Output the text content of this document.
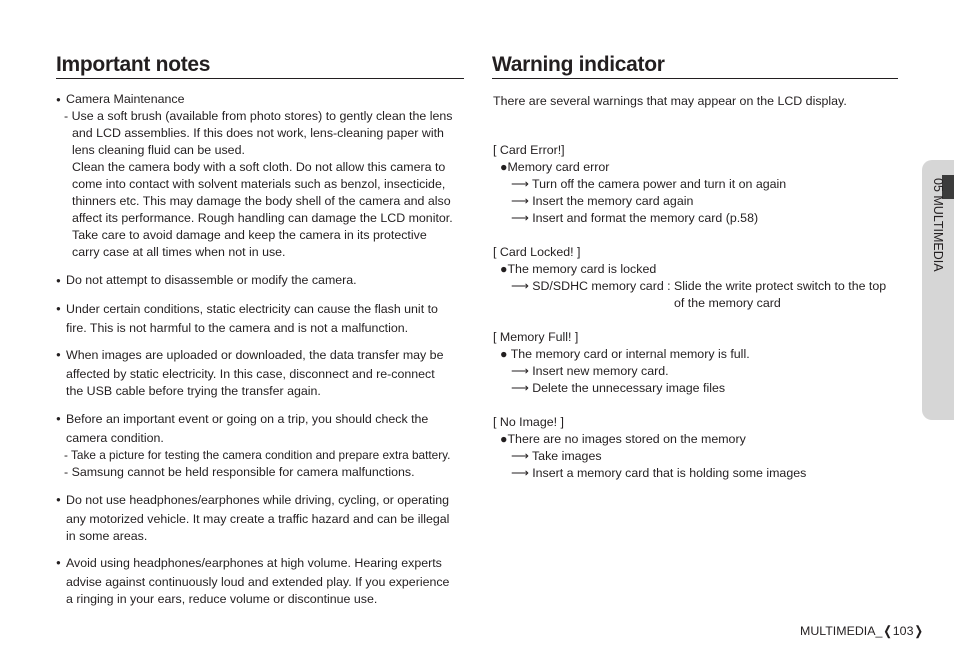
Important notes
● Camera Maintenance
- Use a soft brush (available from photo stores) to gently clean the lens
and LCD assemblies. If this does not work, lens-cleaning paper with
lens cleaning fluid can be used.
Clean the camera body with a soft cloth. Do not allow this camera to
come into contact with solvent materials such as benzol, insecticide,
thinners etc. This may damage the body shell of the camera and also
affect its performance. Rough handling can damage the LCD monitor.
Take care to avoid damage and keep the camera in its protective
carry case at all times when not in use.
● Do not attempt to disassemble or modify the camera.
● Under certain conditions, static electricity can cause the flash unit to
fire. This is not harmful to the camera and is not a malfunction.
● When images are uploaded or downloaded, the data transfer may be
affected by static electricity. In this case, disconnect and re-connect
the USB cable before trying the transfer again.
● Before an important event or going on a trip, you should check the
camera condition.
- Take a picture for testing the camera condition and prepare extra battery.
- Samsung cannot be held responsible for camera malfunctions.
● Do not use headphones/earphones while driving, cycling, or operating
any motorized vehicle. It may create a traffic hazard and can be illegal
in some areas.
● Avoid using headphones/earphones at high volume. Hearing experts
advise against continuously loud and extended play. If you experience
a ringing in your ears, reduce volume or discontinue use.
Warning indicator
There are several warnings that may appear on the LCD display.
[ Card Error!]
●Memory card error
⟶ Turn off the camera power and turn it on again
⟶ Insert the memory card again
⟶ Insert and format the memory card (p.58)
[ Card Locked! ]
●The memory card is locked
⟶ SD/SDHC memory card : Slide the write protect switch to the top
of the memory card
[ Memory Full! ]
● The memory card or internal memory is full.
⟶ Insert new memory card.
⟶ Delete the unnecessary image files
[ No Image! ]
●There are no images stored on the memory
⟶ Take images
⟶ Insert a memory card that is holding some images
05 MULTIMEDIA
MULTIMEDIA_❬103❭
